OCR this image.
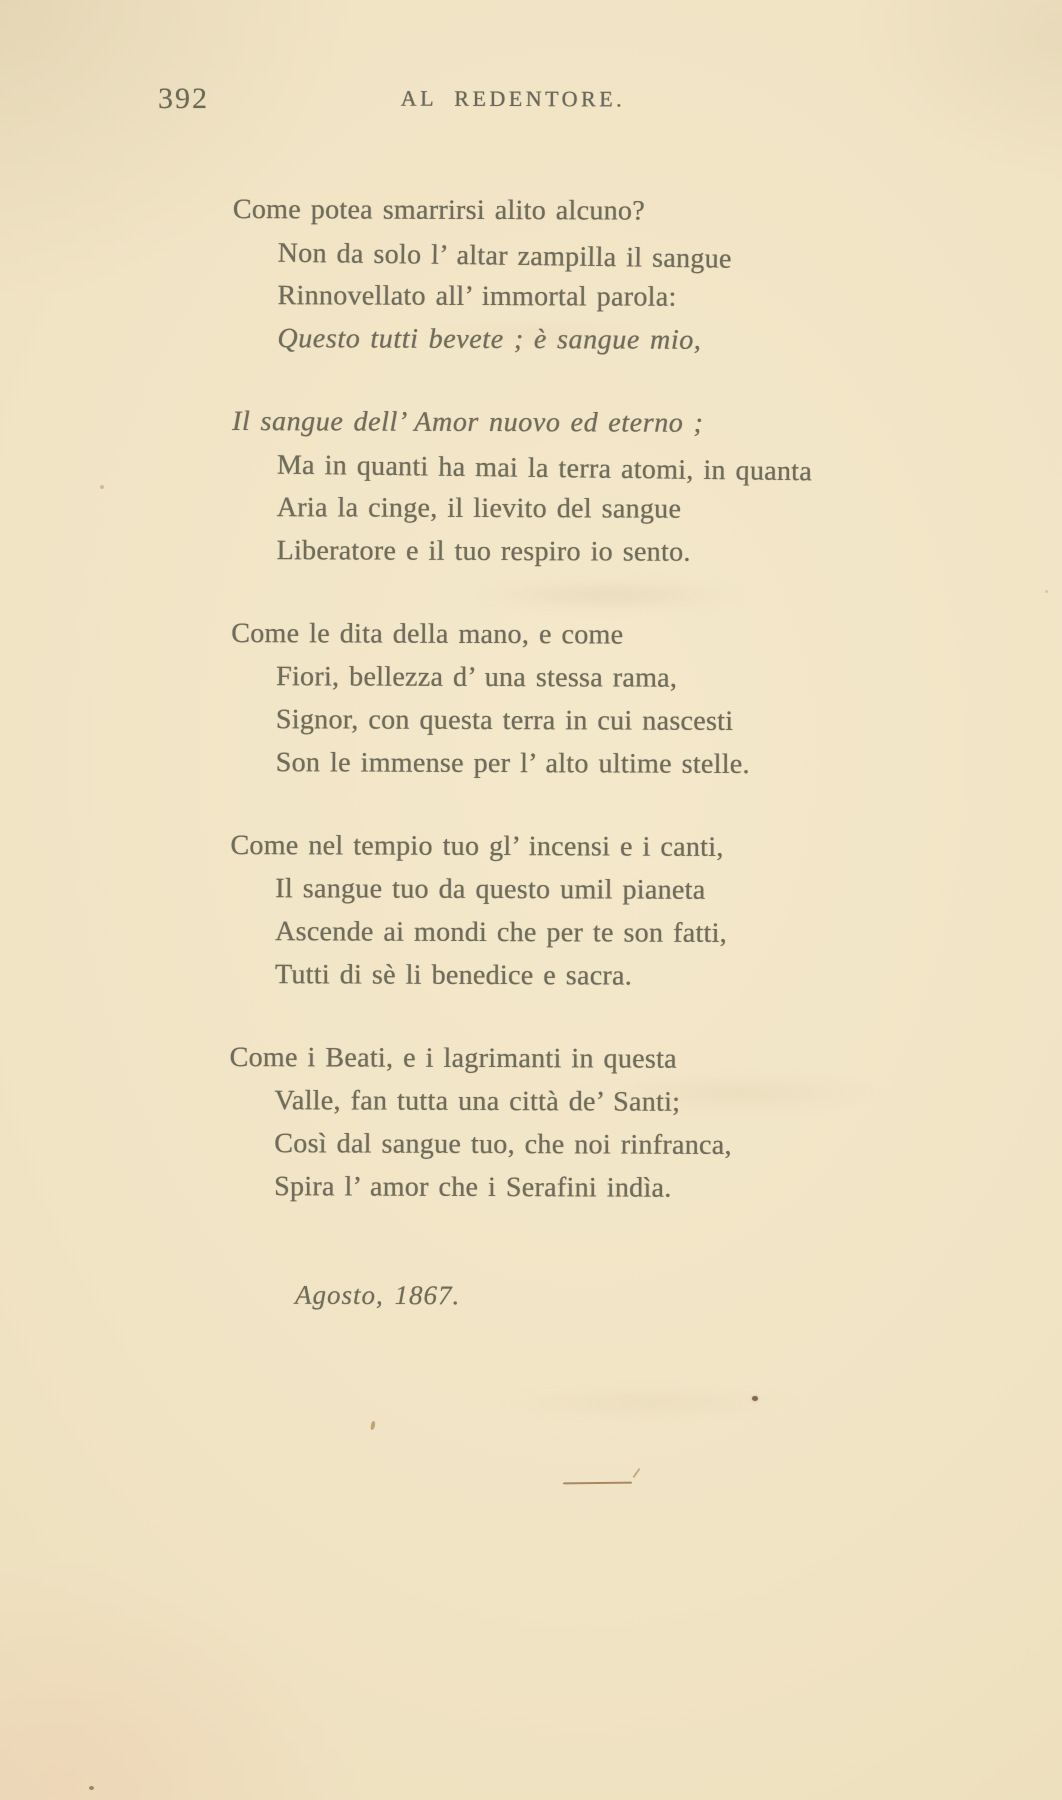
392	AL REDENTORE.
Come potea smarrirsi alito alcuno?
Non da solo l’ altar zampilla il sangue
Rinnovellato all’ immortal parola:
Questo tutti bevete ; è sangue mio,
Il sangue dell’ Amor nuovo ed eterno ;
Ma in quanti ha mai la terra atomi, in quanta
Aria la cinge, il lievito del sangue
Liberatore e il tuo respiro io sento.
Come le dita della mano, e come
Fiori, bellezza d’ una stessa rama,
Signor, con questa terra in cui nascesti
Son le immense per l’ alto ultime stelle.
Come nel tempio tuo gl’ incensi e i canti,
Il sangue tuo da questo umil pianeta
Ascende ai mondi che per te son fatti,
Tutti di sè li benedice e sacra.
Come i Beati, e i lagrimanti in questa
Valle, fan tutta una città de’ Santi;
Così dal sangue tuo, che noi rinfranca,
Spira l’ amor che i Serafini indìa.
Agosto, 1867.
